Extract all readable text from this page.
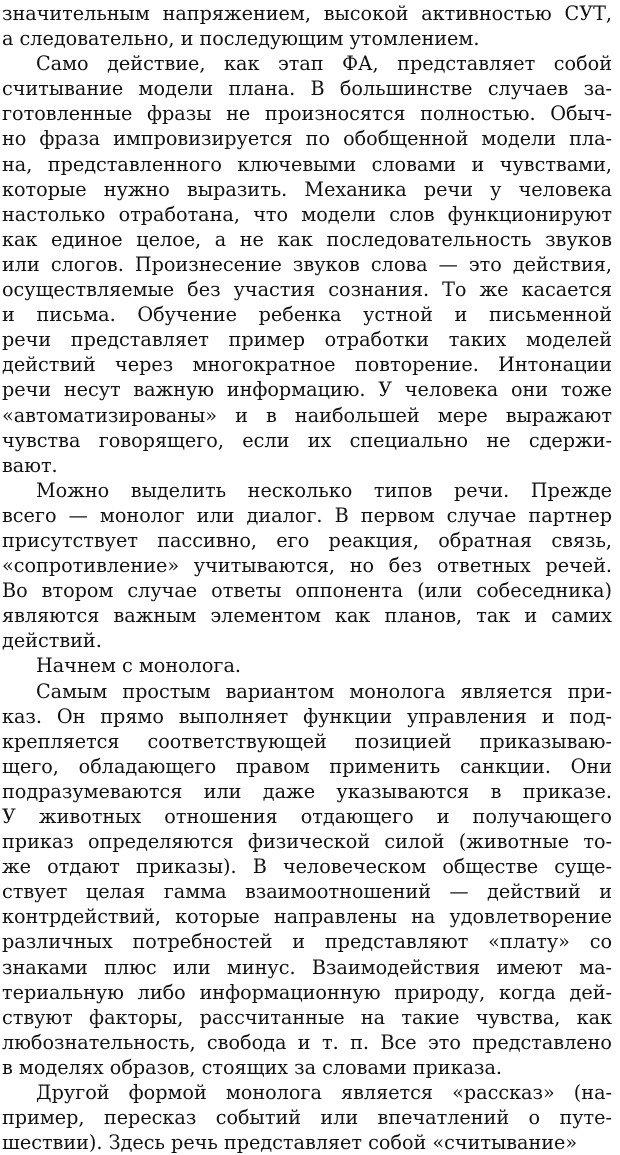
значительным напряжением, высокой активностью СУТ,
а следовательно, и последующим утомлением.
Само действие, как этап ФА, представляет собой
считывание модели плана. В большинстве случаев за-
готовленные фразы не произносятся полностью. Обыч-
но фраза импровизируется по обобщенной модели пла-
на, представленного ключевыми словами и чувствами,
которые нужно выразить. Механика речи у человека
настолько отработана, что модели слов функционируют
как единое целое, а не как последовательность звуков
или слогов. Произнесение звуков слова — это действия,
осуществляемые без участия сознания. То же касается
и письма. Обучение ребенка устной и письменной
речи представляет пример отработки таких моделей
действий через многократное повторение. Интонации
речи несут важную информацию. У человека они тоже
«автоматизированы» и в наибольшей мере выражают
чувства говорящего, если их специально не сдержи-
вают.
Можно выделить несколько типов речи. Прежде
всего — монолог или диалог. В первом случае партнер
присутствует пассивно, его реакция, обратная связь,
«сопротивление» учитываются, но без ответных речей.
Во втором случае ответы оппонента (или собеседника)
являются важным элементом как планов, так и самих
действий.
Начнем с монолога.
Самым простым вариантом монолога является при-
каз. Он прямо выполняет функции управления и под-
крепляется соответствующей позицией приказываю-
щего, обладающего правом применить санкции. Они
подразумеваются или даже указываются в приказе.
У животных отношения отдающего и получающего
приказ определяются физической силой (животные то-
же отдают приказы). В человеческом обществе суще-
ствует целая гамма взаимоотношений — действий и
контрдействий, которые направлены на удовлетворение
различных потребностей и представляют «плату» со
знаками плюс или минус. Взаимодействия имеют ма-
териальную либо информационную природу, когда дей-
ствуют факторы, рассчитанные на такие чувства, как
любознательность, свобода и т. п. Все это представлено
в моделях образов, стоящих за словами приказа.
Другой формой монолога является «рассказ» (на-
пример, пересказ событий или впечатлений о путе-
шествии). Здесь речь представляет собой «считывание»
